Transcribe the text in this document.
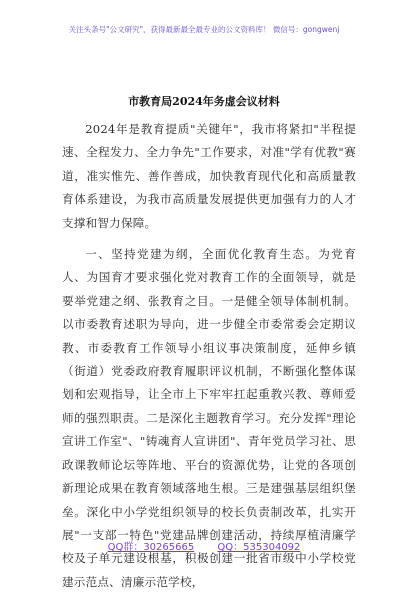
关注头条号"公文研究"，获得最新最全最专业的公文资料库！ 微信号：gongwenj
市教育局2024年务虚会议材料

2024年是教育提质"关键年"，我市将紧扣"半程提速、全程发力、全力争先"工作要求，对准"学有优教"赛道，准实惟先、善作善成，加快教育现代化和高质量教育体系建设，为我市高质量发展提供更加强有力的人才支撑和智力保障。

一、坚持党建为纲，全面优化教育生态。为党育人、为国育才要求强化党对教育工作的全面领导，就是要举党建之纲、张教育之目。一是健全领导体制机制。以市委教育述职为导向，进一步健全市委常委会定期议教、市委教育工作领导小组议事决策制度，延伸乡镇（街道）党委政府教育履职评议机制，不断强化整体谋划和宏观指导，让全市上下牢牢扛起重教兴教、尊师爱师的强烈职责。二是深化主题教育学习。充分发挥"理论宣讲工作室"、"铸魂育人宣讲团"、青年党员学习社、思政课教师论坛等阵地、平台的资源优势，让党的各项创新理论成果在教育领域落地生根。三是建强基层组织堡垒。深化中小学党组织领导的校长负责制改革，扎实开展"一支部一特色"党建品牌创建活动，持续厚植清廉学校及子单元建设根基，积极创建一批省市级中小学校党建示范点、清廉示范学校，

QQ群：30265665 QQ：535304092
